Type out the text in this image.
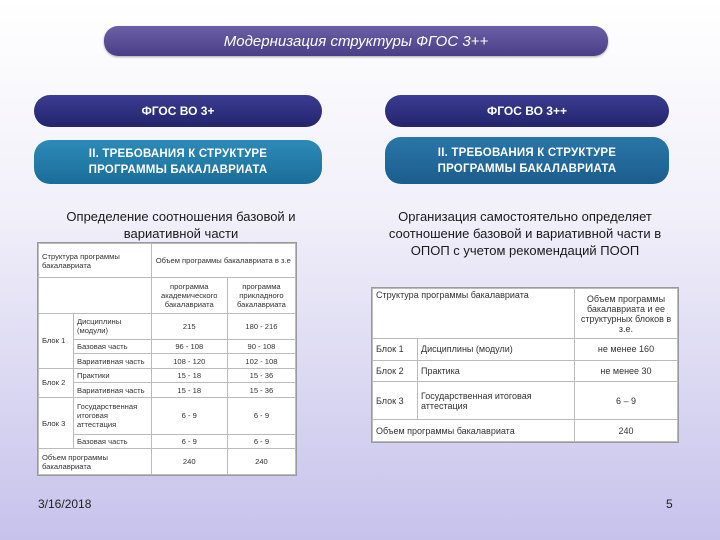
Модернизация структуры ФГОС 3++
ФГОС ВО 3+	ФГОС ВО 3++
II. ТРЕБОВАНИЯ К СТРУКТУРЕ
ПРОГРАММЫ БАКАЛАВРИАТА
II. ТРЕБОВАНИЯ К СТРУКТУРЕ
ПРОГРАММЫ БАКАЛАВРИАТА
Определение соотношения базовой и вариативной части
Организация самостоятельно определяет соотношение базовой и вариативной части в ОПОП с учетом рекомендаций ПООП
Структура программы бакалавриата		Объем программы бакалавриата в з.е	
		программа академического бакалавриата	программа прикладного бакалавриата
Блок 1	Дисциплины (модули)	215	180 - 216
	Базовая часть	96 - 108	90 - 108
	Вариативная часть	108 - 120	102 - 108
Блок 2	Практики	15 - 18	15 - 36
	Вариативная часть	15 - 18	15 - 36
Блок 3	Государственная итоговая аттестация	6 - 9	6 - 9
	Базовая часть	6 - 9	6 - 9
Объем программы бакалавриата		240	240
Структура программы бакалавриата		Объем программы бакалавриата и ее структурных блоков в з.е.
Блок 1	Дисциплины (модули)	не менее 160
Блок 2	Практика	не менее 30
Блок 3	Государственная итоговая аттестация	6 – 9
Объем программы бакалавриата		240
3/16/2018	5
